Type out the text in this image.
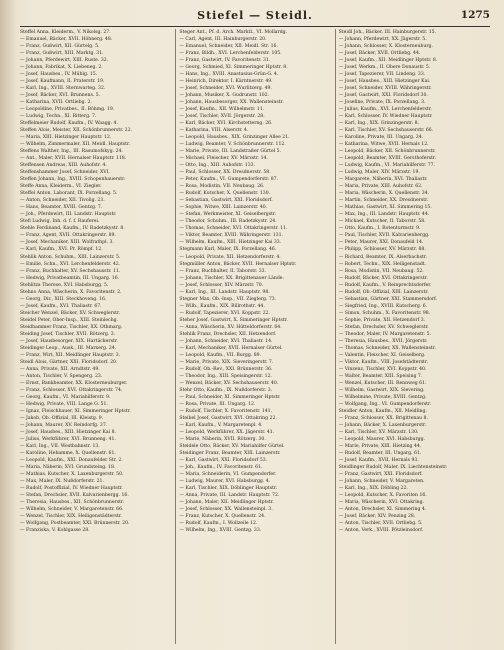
Stiefel — Steidl.	1275
Steffel Anna, Kleiderm., V. Nikolsg. 27.
— Emanuel, Bäcker, XVII. Höhnerg. 48.
— Franz, Gußwirt, XII. Gürtelg. 5.
— Franz, Gußwirt, XIII. Marktg. 31.
— Johann, Pferdewirt, XIII. Ruste. 32.
— Johann, Fabrikat, X. Liebeneg. 2.
— Josef, Hausbes., IV. Mühlg. 15.
— Josef, Kaufmann, II. Praterstr. 19.
— Karl, Ing., XVIII. Sternwarteg. 32.
— Josef, Bäcker, XVI. Brunnens. 5.
— Katharina, XVII. Ortliebg. 2.
— Leopoldine, Privatbes., II. Böhmg. 19.
— Ludwig, Techn., XI. Ritterg. 7.
Steffelmeier Rudolf, Kaufm., IV. Waagg. 4.
Steffen Alois, Meister, XII. Schönbrunnerstr. 22.
— Maria, XIII. Hietzinger Hauptstr. 12.
— Wilhelm, Zimmermaler, XII. Meidl. Hauptstr.
Steffens Walther, Ing., III. Rasumofskyg. 24.
— Ant., Maler, XVII. Hernalser Hauptstr. 118.
Steffensen Andreas, XIII. Auhofstr. 4.
Steffenshammer Josef, Schneider, XVI.
Steffen Johann, Ing., XVIII. Schopenhauerstr.
Steffe Anna, Kleiderm., VI. Ziegler.
Steffel Anton, Laborant, IX. Porzellang. 5.
— Anton, Schneider, XII. Tivolig. 23.
— Hans, Beamter, XVIII. Gentzg. 7.
— Joh., Pferdewirt, III. Landstr. Hauptstr.
Stefl Ludwig, Inh. d. f. f. Rauferei.
Stehle Ferdinand, Kaufm., IV. Radetzkystr. 8.
— Franz, Agent, XVII. Ottakringerstr. 89.
— Josef, Mechaniker, XIII. Wolfrathpl. 3.
— Karl, Kaufm., XVI. Pr. Römpf. 12.
Stehlik Anton, Schuhm., XIII. Lainzerstr. 5.
— Emilie, Schn., XVI. Lerchenfelderstr. 42.
— Franz, Buchhalter, XV. Sechshausstr. 11.
— Hedwig, Privatbeamtin, III. Ungarg. 16.
Stehlitza Therese, XVI. Habsburgg. 5.
Stehno Anna, Wäscherin, X. Favoritenstr. 2.
— Georg, Dir., XIII. Steckhoveng. 16.
— Josef, Kaufm., XVI. Thaliastr. 67.
Steicher Wenzel, Bäcker, XV. Schweglerstr.
Steidel Peter, Ober-Insp., XIII. Steinlechg.
Steidhammer Franz, Tischler, XX. Othmarg.
Steiding Josef, Tischler, XVII. Rötzerg. 3.
— Josef, Hausbesorger, XIX. Hartäckerstr.
Steidinger Leop., Ausk., III. Marxerg. 24.
— Franz, Wirt, XII. Meidlinger Hauptstr. 3.
Steidl Alois, Gärtner, XXI. Floridsdorf. 20.
— Anna, Private, XII. Arndtstr. 49.
— Anton, Tischler, V. Spengerg. 23.
— Ernst, Bankbeamter, XX. Klosterneuburger.
— Franz, Schlosser, XVI. Ottakringerstr. 74.
— Georg, Kaufm., VI. Mariahilferstr. 9.
— Hedwig, Private, VIII. Lange G. 51.
— Ignaz, Fleischhauer, XI. Simmeringer Hptstr.
— Jakob, Ob.-Offizial, III. Kleistg. 9.
— Johann, Maurer, XV. Reindorfg. 37.
— Josef, Hausbes., XIII. Hietzinger Kai 8.
— Julius, Werkführer, XVI. Brunneng. 41.
— Karl, Ing., VII. Westbahnstr. 13.
— Karoline, Hebamme, X. Quellenstr. 61.
— Leopold, Kaufm., XXI. Donaufelder Str. 2.
— Maria, Näherin, XVI. Grundsteing. 18.
— Mathias, Kutscher, X. Laxenburgerstr. 50.
— Max, Maler, IX. Nußdorferstr. 21.
— Rudolf, Postoffizial, IV. Wiedner Hauptstr.
— Stefan, Drechsler, XVII. Kalvarienbergg. 16.
— Theresia, Hausbes., XII. Schönbrunnerstr.
— Wilhelm, Schneider, V. Margaretenstr. 66.
— Wenzel, Tischler, XIX. Heiligenstädterstr.
— Wolfgang, Postbeamter, XXI. Brünnerstr. 20.
— Franziska, V. Kohlgasse 28.
Steger Ant., Pf. d. Arch. Marktl., VI. Mollardg.
— Carl, Agent, III. Hainburgerstr. 20.
— Emanuel, Schneider, XII. Meidl. Str. 16.
— Franz, Bildh., XVI. Lerchenfelderstr. 105.
— Franz, Gastwirt, IV. Favoritenstr. 31.
— Georg, Schmied, XI. Simmeringer Hptstr. 8.
— Hans, Ing., XVIII. Anastasius-Grün-G. 4.
— Heinrich, Direktor, I. Kärntnerstr. 49.
— Josef, Schneider, XVI. Wurlitzerg. 49.
— Johann, Musiker, X. Gudrunstr. 102.
— Johann, Hausbesorger, XX. Wallensteinstr.
— Josef, Kaufm., XII. Wilhelmstr. 11.
— Josef, Tischler, XVII. Jörgerstr. 28.
— Karl, Bäcker, XVI. Kirchstetterng. 26.
— Katharina, VIII. Alserstr. 4.
— Leopold, Hausbes., XIX. Grinzinger Allee 21.
— Ludwig, Beamter, V. Schönbrunnerstr. 112.
— Marie, Private, III. Landstraßer Gürtel 5.
— Michael, Fleischer, XV. Märzstr. 14.
— Otto, Ing., XIII. Auhofstr. 133.
— Paul, Schlosser, XX. Dresdnerstr. 58.
— Peter, Kaufm., VI. Gumpendorferstr. 87.
— Rosa, Modistin, VII. Neubaug. 26.
— Rudolf, Kutscher, X. Quellenstr. 130.
— Sebastian, Gastwirt, XXI. Floridsdorf.
— Sophie, Witwe, XIII. Lainzerstr. 40.
— Stefan, Werkmeister, XI. Geiselbergstr.
— Theodor, Schuhm., III. Radetzkystr. 24.
— Thomas, Schneider, XVI. Ottakringerstr. 11.
— Viktor, Beamter, XVIII. Währingerstr. 131.
— Wilhelm, Kaufm., XIII. Hietzinger Kai 33.
Stegmann Karl, Maler, IX. Porzellang. 46.
— Leopold, Private, XII. Hetzendorferstr. 4.
Stegmüller Anton, Bäcker, XVII. Hernalser Hptstr.
— Franz, Buchhalter, II. Taborstr. 33.
— Johann, Tischler, XX. Brigittenauer Lände.
— Josef, Schlosser, XIV. Märzstr. 70.
— Karl, Ing., III. Landstr. Hauptstr. 98.
Stegner Max, Ob.-Insp., VII. Zieglerg. 73.
— Wilh., Kaufm., XIX. Billrothstr. 44.
— Rudolf, Tapezierer, XVI. Koppstr. 22.
Steher Josef, Gastwirt, X. Simmeringer Hptstr.
— Anna, Wäscherin, XV. Hütteldorferstr. 64.
Stehlik Franz, Drechsler, XII. Hetzendorf.
— Johann, Schneider, XVI. Thaliastr. 14.
— Karl, Mechaniker, XVII. Hernalser Gürtel.
— Leopold, Kaufm., VII. Burgg. 89.
— Marie, Private, XIX. Sieveringerstr. 7.
— Rudolf, Ob.-Rev., XXI. Brünnerstr. 36.
— Theodor, Ing., XIII. Speisingerstr. 12.
— Wenzel, Bäcker, XV. Sechshauserstr. 40.
Stehr Otto, Kaufm., IX. Nußdorferstr. 3.
— Paul, Schneider, XI. Simmeringer Hptstr.
— Rosa, Private, III. Ungarg. 12.
— Rudolf, Tischler, X. Favoritenstr. 141.
Steibel Josef, Gastwirt, XVI. Ottakring 22.
— Karl, Kaufm., V. Margaretenpl. 4.
— Leopold, Werkführer, XX. Jägerstr. 41.
— Marie, Näherin, XVII. Rötzerg. 30.
Steidele Otto, Bäcker, XV. Mariahilfer Gürtel.
Steidinger Franz, Beamter, XIII. Lainzerstr.
— Karl, Gastwirt, XXI. Floridsdorf 53.
— Joh., Kaufm., IV. Favoritenstr. 61.
— Maria, Schneiderin, VI. Gumpendorfer.
— Ludwig, Maurer, XVI. Habsburgg. 4.
— Karl, Tischler, XIX. Döblinger Hauptstr.
— Anna, Private, III. Landstr. Hauptstr. 72.
— Johann, Maler, XII. Meidlinger Hptstr.
— Josef, Schlosser, XX. Wallensteinpl. 3.
— Franz, Kutscher, X. Quellenstr. 24.
— Rudolf, Kaufm., I. Wollzeile 12.
— Wilhelm, Ing., XVIII. Gentzg. 33.
Steidl Joh., Bäcker, III. Hainburgerstr. 15.
— Johann, Pferdewirt, XX. Jägerstr. 5.
— Johann, Schlosser, X. Klosterneuburg.
— Josef, Bäcker, XVII. Ortliebg. 44.
— Josef, Kaufm., XII. Meidlinger Hptstr. 8.
— Josef, Werkm., II. Obere Donaustr. 5.
— Josef, Tapezierer, VII. Lindeng. 33.
— Josef, Hausbes., XIII. Hietzinger Kai.
— Josef, Schneider, XVIII. Währingerstr.
— Josef, Gastwirt, XXI. Floridsdorf 30.
— Josefine, Private, IX. Porzellang. 3.
— Julius, Kaufm., XVI. Lerchenfelderstr.
— Karl, Schlosser, IV. Wiedner Hauptstr.
— Karl, Ing., XIX. Grinzingerstr. 8.
— Karl, Tischler, XV. Sechshauserstr. 66.
— Karoline, Private, III. Ungarg. 24.
— Katharina, Witwe, XVII. Hernals 12.
— Leopold, Bäcker, XII. Schönbrunnerstr.
— Leopold, Beamter, XVIII. Gersthoferstr.
— Ludwig, Kaufm., VI. Mariahilferstr. 77.
— Ludwig, Maler, XIV. Märzstr. 19.
— Margarete, Näherin, XVI. Thaliastr.
— Maria, Private, XIII. Auhofstr. 62.
— Maria, Wäscherin, X. Quellenstr. 34.
— Martin, Schneider, XX. Dresdnerstr.
— Mathias, Gastwirt, XI. Simmering 15.
— Max, Ing., III. Landstr. Hauptstr. 44.
— Michael, Kutscher, II. Taborstr. 58.
— Otto, Kaufm., I. Rotenturmstr. 9.
— Paul, Tischler, XVII. Kalvarienbergg.
— Peter, Maurer, XXI. Donaufeld 14.
— Philipp, Schlosser, XV. Märzstr. 88.
— Richard, Beamter, IX. Alserbachstr.
— Robert, Techn., XIX. Heiligenstadt.
— Rosa, Modistin, VII. Neubaug. 52.
— Rudolf, Bäcker, XVI. Ottakringerstr.
— Rudolf, Kaufm., V. Reinprechtsdorfer.
— Rudolf, Ob.-Offizial, XIII. Lainzerstr.
— Sebastian, Gärtner, XXI. Stammersdorf.
— Siegfried, Ing., XVIII. Kutscherg. 6.
— Simon, Schuhm., X. Favoritenstr. 98.
— Sophie, Private, XII. Hetzendorf 3.
— Stefan, Drechsler, XV. Schweglerstr.
— Theodor, Maler, IV. Margaretenstr. 5.
— Theresia, Hausbes., XVII. Jörgerstr.
— Thomas, Schneider, XX. Wallensteinstr.
— Valentin, Fleischer, XI. Geiselberg.
— Viktor, Kaufm., VIII. Josefstädterstr.
— Vinzenz, Tischler, XVI. Koppstr. 40.
— Walter, Beamter, XIII. Speising 7.
— Wenzel, Kutscher, III. Rennweg 61.
— Wilhelm, Gastwirt, XIX. Sievering.
— Wilhelmine, Private, XVIII. Gentzg.
— Wolfgang, Ing., VI. Gumpendorferstr.
Steidler Anton, Kaufm., XII. Meidling.
— Franz, Schlosser, XX. Brigittenau 8.
— Johann, Bäcker, X. Laxenburgerstr.
— Karl, Tischler, XV. Märzstr. 130.
— Leopold, Maurer, XVI. Habsburgg.
— Marie, Private, XIII. Hietzing 44.
— Rudolf, Beamter, III. Ungarg. 61.
— Josef, Kaufm., XVII. Hernals 93.
Steidlinger Rudolf, Maler, IX. Liechtensteinstr.
— Franz, Gastwirt, XXI. Floridsdorf.
— Johann, Schneider, V. Margareten.
— Karl, Ing., XIX. Döbling 22.
— Leopold, Kutscher, X. Favoriten 16.
— Maria, Wäscherin, XVI. Ottakring.
— Anton, Drechsler, XI. Simmering 4.
— Josef, Bäcker, XIV. Penzing 28.
— Anton, Tischler, XVII. Ortliebg. 5.
— Anton, Verk., XVIII. Pötzleinsdorf.
